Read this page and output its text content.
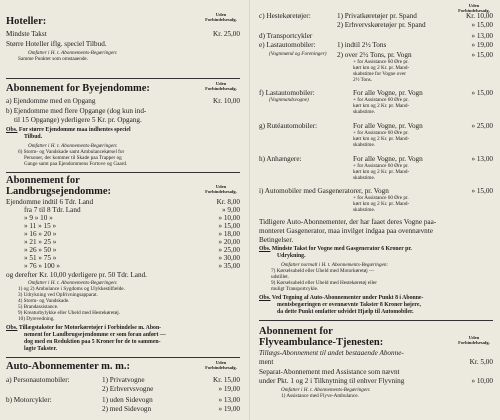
Hoteller:
Uden
Forbindelsesafg.
Mindste Takst	Kr. 25,00
Større Hoteller iflg. speciel Tilbud.
Omfatter i H. t. Abonnements-Begæringen:
Samme Punkter som omstaaende.
Abonnement for Byejendomme:	Uden
Forbindelsesafg.
a) Ejendomme med en Opgang	Kr. 10,00
b) Ejendomme med flere Opgange (dog kun ind-
til 15 Opgange) yderligere 5 Kr. pr. Opgang.
Obs. For større Ejendomme maa indhentes speciel
Tilbud.
Omfatter i H. t. Abonnements-Begæringen:
6) Storm- og Vandskade samt Ambulancekørsel for
Personer, der kommer til Skade paa Trapper og
Gange samt paa Ejendommens Fortove og Gaard.
Abonnement for
Landbrugsejendomme:	Uden
Forbindelsesafg.
Ejendomme indtil 6 Tdr. Land	Kr. 8,00
fra 7 til 8 Tdr. Land	» 9,00
» 9 » 10 »	» 10,00
» 11 » 15 »	» 15,00
» 16 » 20 »	» 18,00
» 21 » 25 »	» 20,00
» 26 » 50 »	» 25,00
» 51 » 75 »	» 30,00
» 76 » 100 »	» 35,00
og derefter Kr. 10,00 yderligere pr. 50 Tdr. Land.
Omfatter i H. t. Abonnements-Begæringen:
1) og 2) Ambulance i Sygdoms og Ulykkestilfælde.
3) Udrykning ved Opfrivningsapparat.
4) Storm- og Vandskade.
5) Brandassistance.
9) Kreaturbylykke eller Uheld med Hestekøretøj.
10) Dyrevedning.
Obs. Tillægstakster for Motorkøretøjer i Forbindelse m. Abon-
nement for Landbrugsejendomme er som foran anført —
dog med en Reduktion paa 5 Kroner for de to sammen-
lagte Takster.
Auto-Abonnementer m. m.:	Uden
Forbindelsesafg.
a) Personautomobiler:	1) Privatvogne	Kr. 15,00
2) Erhvervsvogne	» 19,00
b) Motorcykler:	1) uden Sidevogn	» 13,00
2) med Sidevogn	» 19,00
Uden
Forbindelsesafg.
c) Hestekøretøjer:	1) Privatkøretøjer pr. Spand	Kr. 10,00
2) Erhvervskøretøjer pr. Spand	» 15,00
d) Transportcykler	» 13,00
e) Lastautomobiler:	1) indtil 2½ Tons	» 19,00
(Vognmænd og Foreninger)	2) over 2½ Tons, pr. Vogn	» 15,00
+ for Assistance 60 Øre pr.
kørt km og 2 Kr. pr. Mand-
skabstime for Vogne over
2½ Tons.
f) Lastautomobiler:
(Vognmandsvogne)
For alle Vogne, pr. Vogn	» 15,00
+ for Assistance 60 Øre pr.
kørt km og 2 Kr. pr. Mand-
skabstime.
g) Rutéautomobiler:	For alle Vogne, pr. Vogn	» 25,00
+ for Assistance 60 Øre pr.
kørt km og 2 Kr. pr. Mand-
skabstime.
h) Anhængere:	For alle Vogne, pr. Vogn	» 13,00
+ for Assistance 60 Øre pr.
kørt km og 2 Kr. pr. Mand-
skabstime.
i) Automobiler med Gasgeneratorer, pr. Vogn	» 15,00
+ for Assistance 60 Øre pr.
kørt km og 2 Kr. pr. Mand-
skabstime.
Tidligere Auto-Abonnementer, der har faaet deres Vogne paa-
monteret Gasgenerator, maa invilget indgaa paa ovennævnte
Betingelser.
Obs. Mindste Takst for Vogne med Gasgenerator 6 Kroner pr.
Udrykning.
Omfatter normalt i H. t. Abonnements-Begæringen:
7) Kørselsuheld eller Uheld med Motorkøretøj —
udstillet.
9) Kørselsuheld eller Uheld med Hestekøretøj eller
muligt Transportcykle.
Obs. Ved Tegning af Auto-Abonnementer under Punkt 8 i Abonne-
mentsbegæringen er ovennævnte Takster 8 Kroner højere,
da dette Punkt omfatter udvidet Hjælp til Automobiler.
Abonnement for
Flyveambulance-Tjenesten:	Uden
Forbindelsesafg.
Tillægs-Abonnement til andet bestaaende Abonne-
ment	Kr. 5,00
Separat-Abonnement med Assistance som nævnt
under Pkt. 1 og 2 i Tilknytning til enhver Flyvning	» 10,00
Omfatter i H. t. Abonnements-Begæringen:
1) Assistance med Flyve-Ambulance.
